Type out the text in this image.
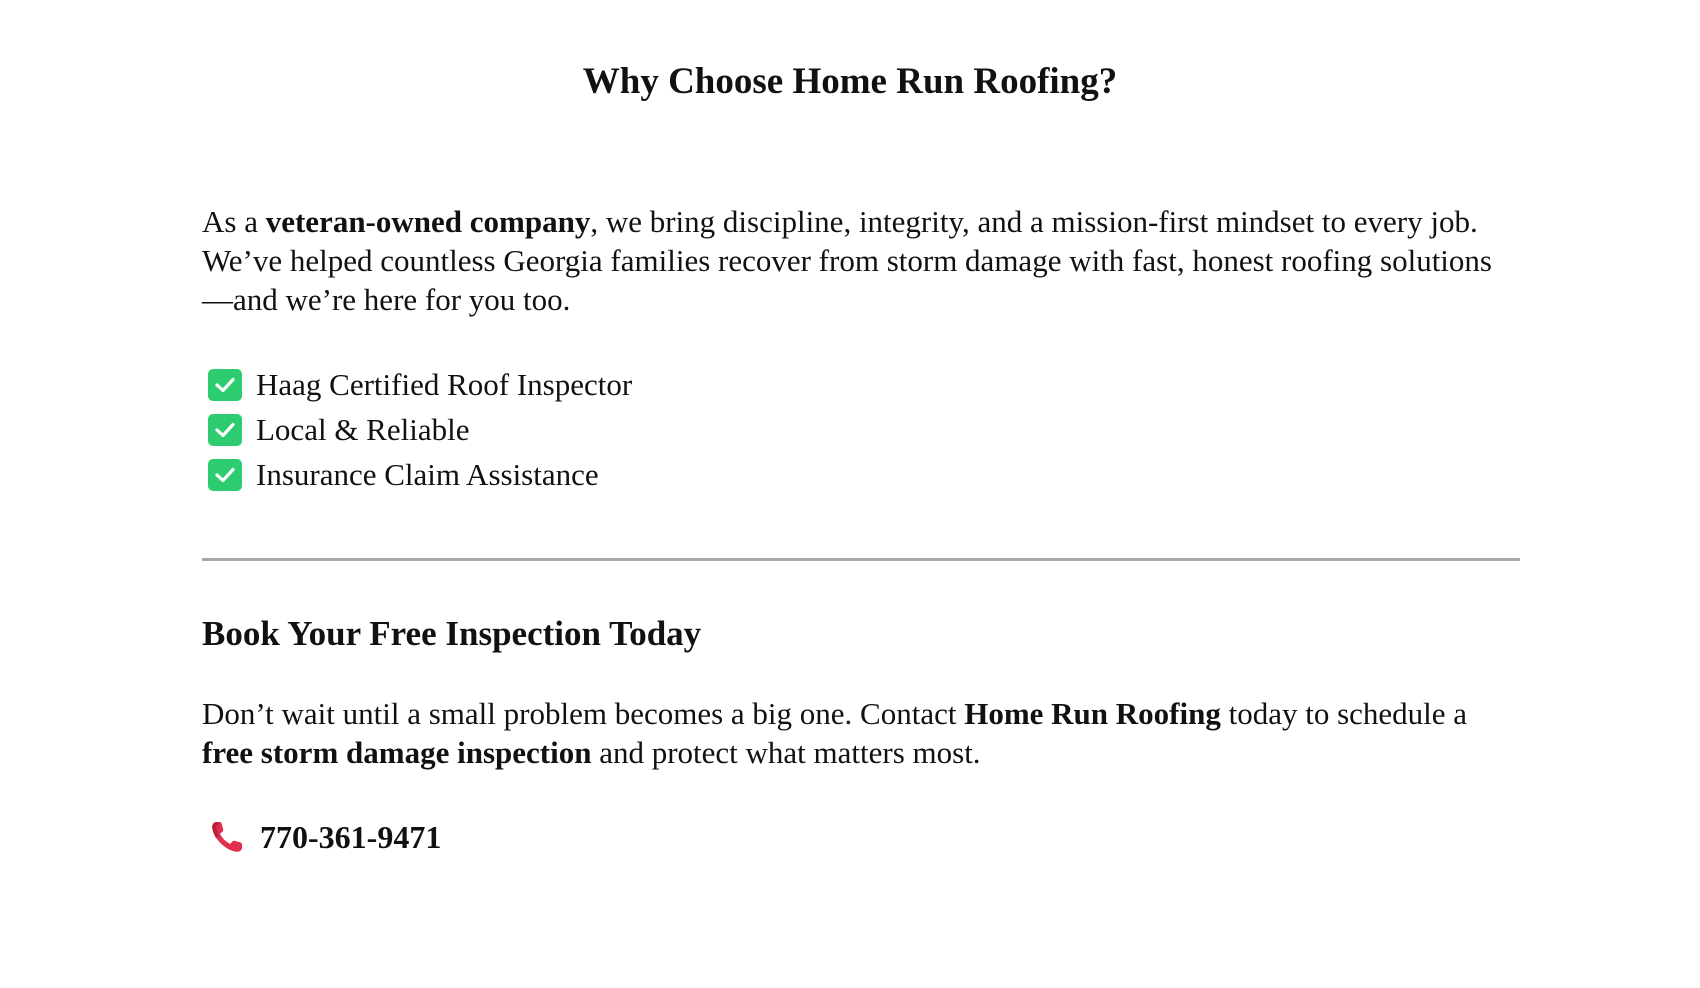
Why Choose Home Run Roofing?

As a veteran-owned company, we bring discipline, integrity, and a mission-first mindset to every job. We’ve helped countless Georgia families recover from storm damage with fast, honest roofing solutions—and we’re here for you too.

Haag Certified Roof Inspector
Local & Reliable
Insurance Claim Assistance
Book Your Free Inspection Today

Don’t wait until a small problem becomes a big one. Contact Home Run Roofing today to schedule a free storm damage inspection and protect what matters most.

770-361-9471
